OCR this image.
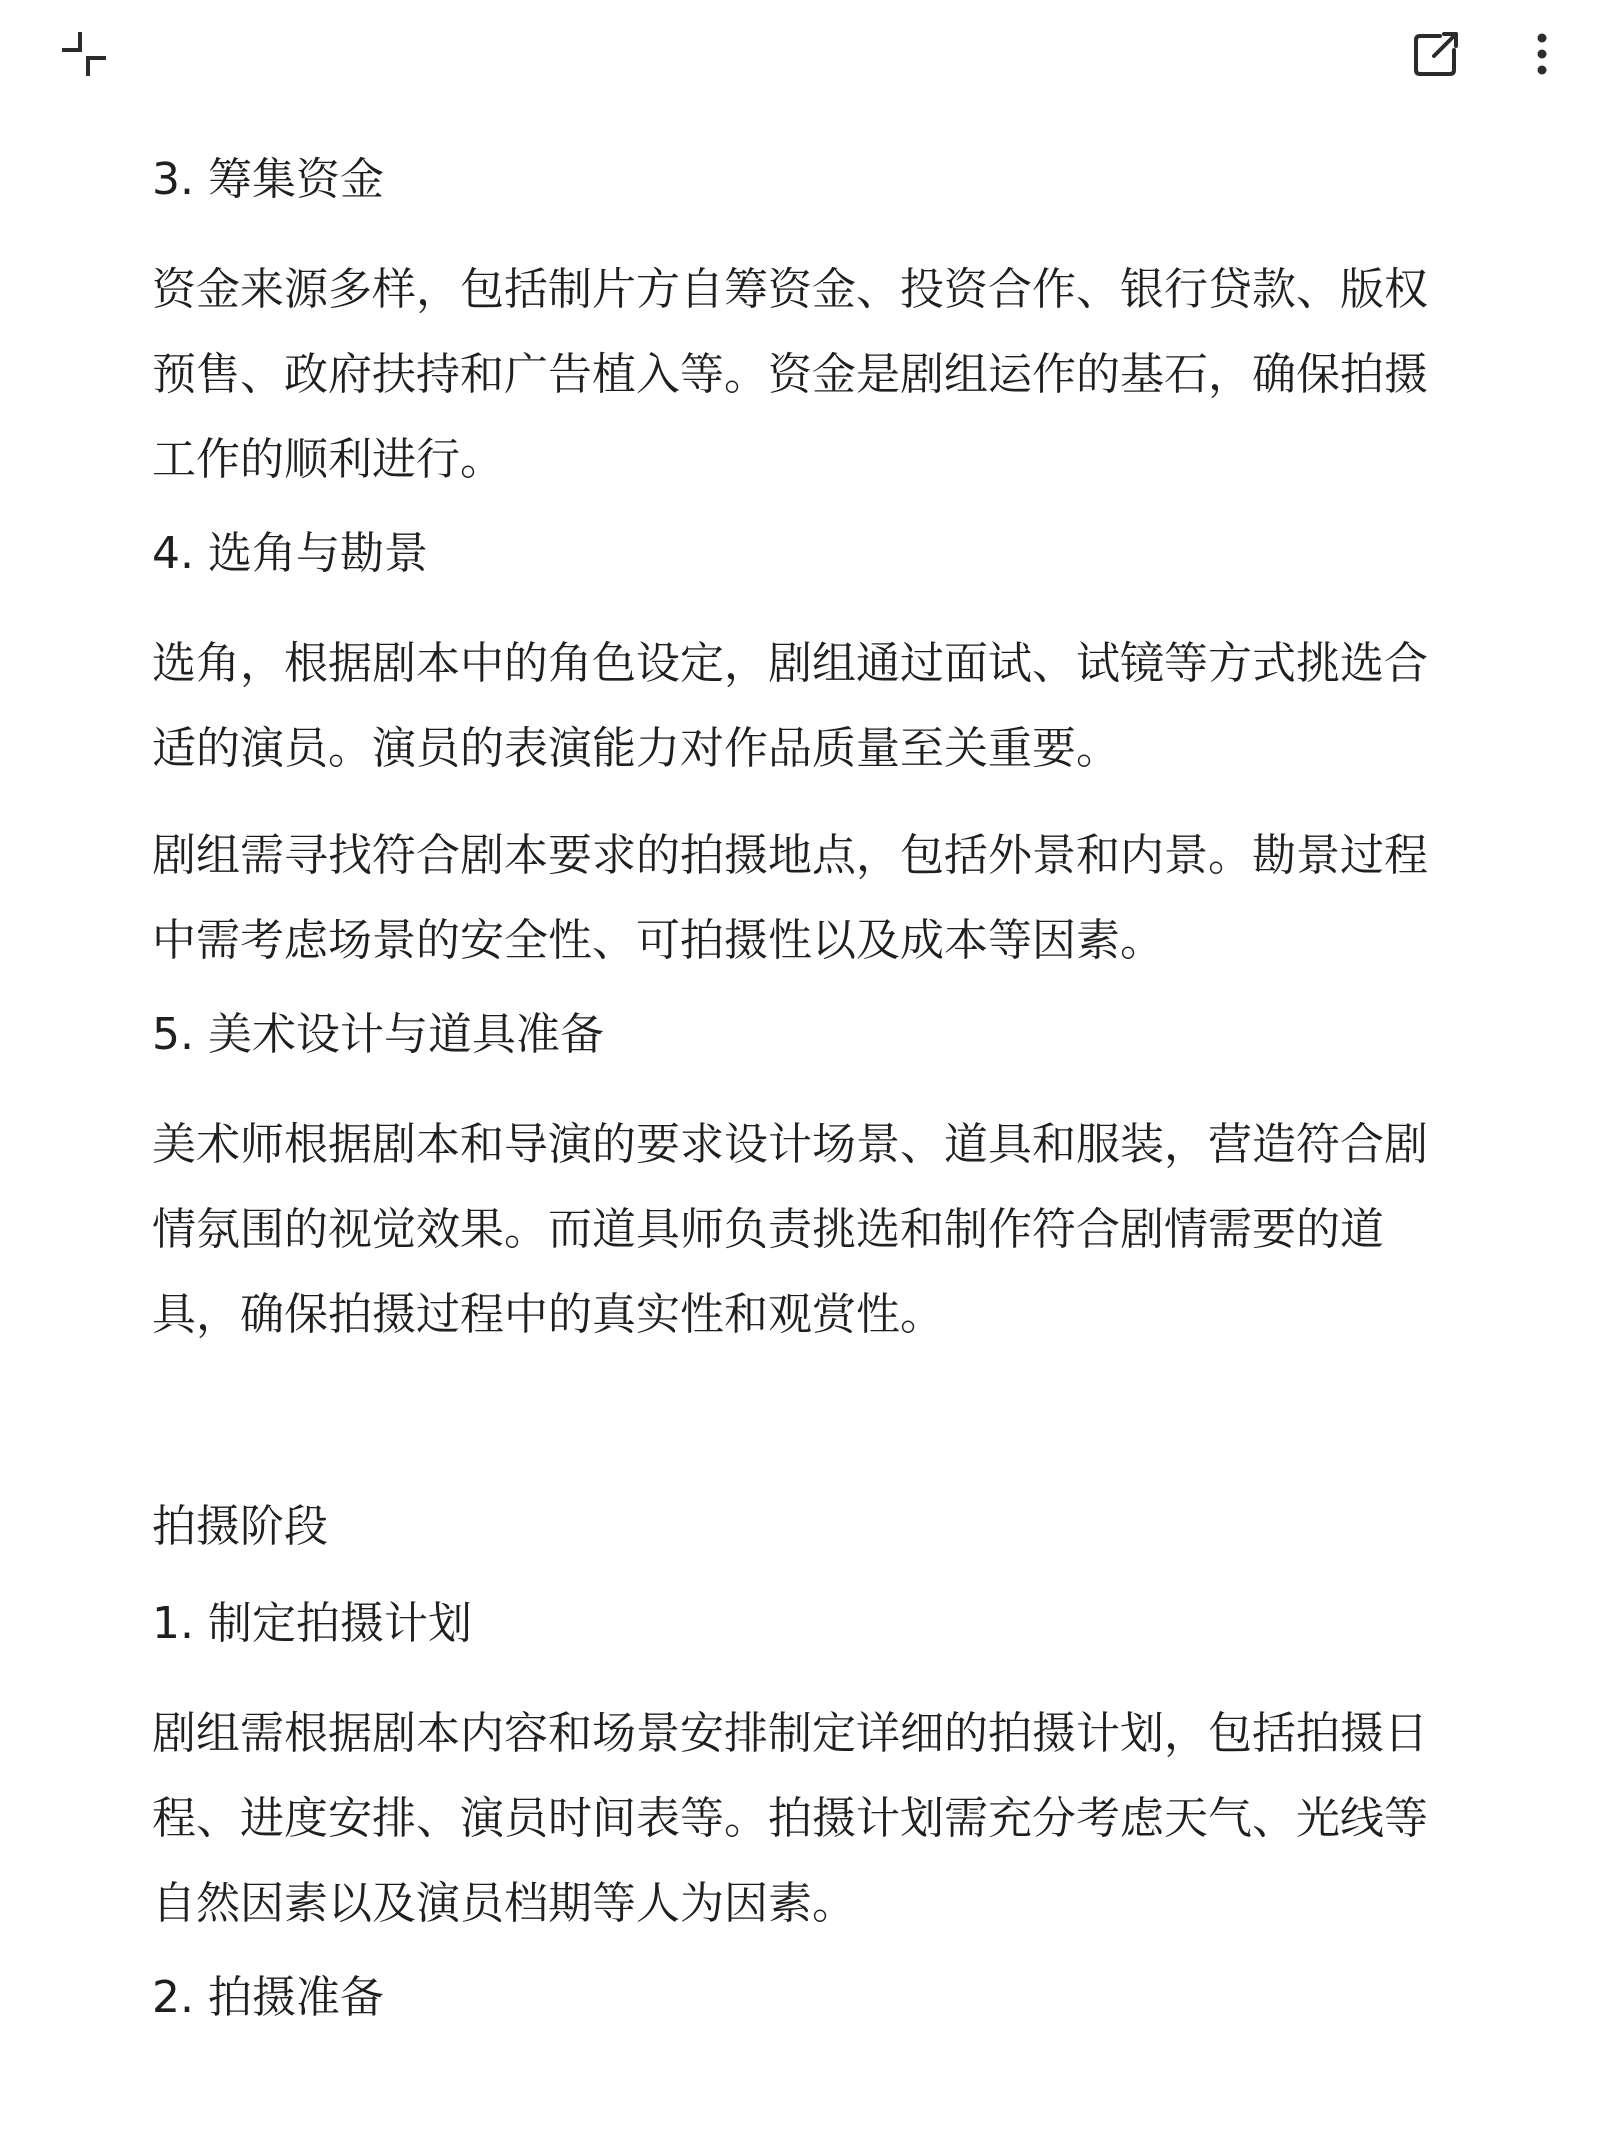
3. 筹集资金

资金来源多样，包括制片方自筹资金、投资合作、银行贷款、版权预售、政府扶持和广告植入等。资金是剧组运作的基石，确保拍摄工作的顺利进行。

4. 选角与勘景

选角，根据剧本中的角色设定，剧组通过面试、试镜等方式挑选合适的演员。演员的表演能力对作品质量至关重要。

剧组需寻找符合剧本要求的拍摄地点，包括外景和内景。勘景过程中需考虑场景的安全性、可拍摄性以及成本等因素。

5. 美术设计与道具准备

美术师根据剧本和导演的要求设计场景、道具和服装，营造符合剧情氛围的视觉效果。而道具师负责挑选和制作符合剧情需要的道具，确保拍摄过程中的真实性和观赏性。

拍摄阶段
1. 制定拍摄计划

剧组需根据剧本内容和场景安排制定详细的拍摄计划，包括拍摄日程、进度安排、演员时间表等。拍摄计划需充分考虑天气、光线等自然因素以及演员档期等人为因素。

2. 拍摄准备
